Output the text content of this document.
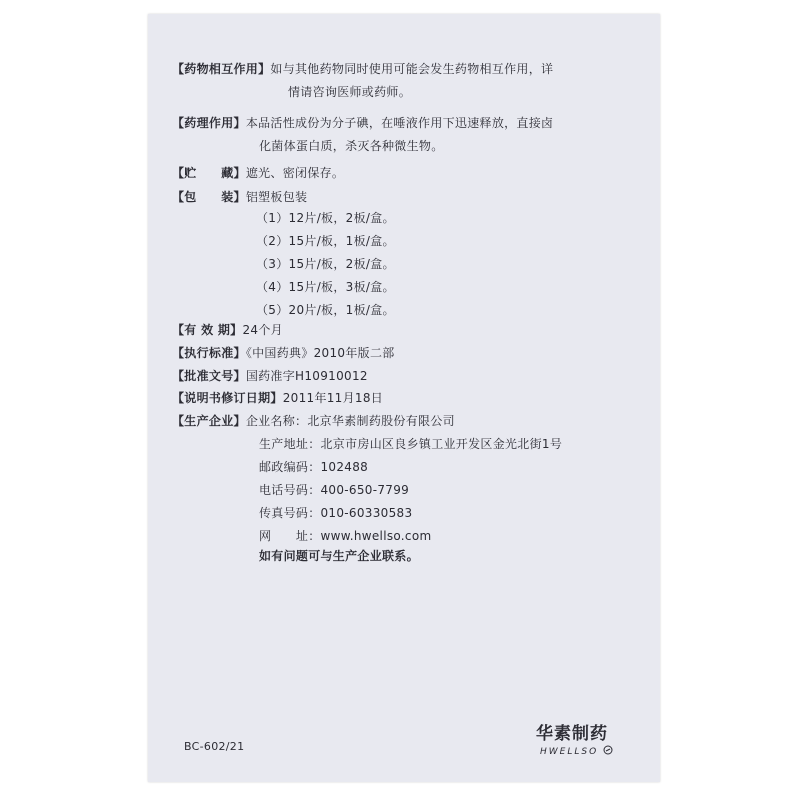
【药物相互作用】如与其他药物同时使用可能会发生药物相互作用，详
情请咨询医师或药师。
【药理作用】本品活性成份为分子碘，在唾液作用下迅速释放，直接卤
化菌体蛋白质，杀灭各种微生物。
【贮　　藏】遮光、密闭保存。
【包　　装】铝塑板包装
（1）12片/板，2板/盒。
（2）15片/板，1板/盒。
（3）15片/板，2板/盒。
（4）15片/板，3板/盒。
（5）20片/板，1板/盒。
【有 效 期】24个月
【执行标准】《中国药典》2010年版二部
【批准文号】国药准字H10910012
【说明书修订日期】2011年11月18日
【生产企业】企业名称：北京华素制药股份有限公司
生产地址：北京市房山区良乡镇工业开发区金光北街1号
邮政编码：102488
电话号码：400-650-7799
传真号码：010-60330583
网　　址：www.hwellso.com
如有问题可与生产企业联系。
BC-602/21
华素制药
HWELLSO
